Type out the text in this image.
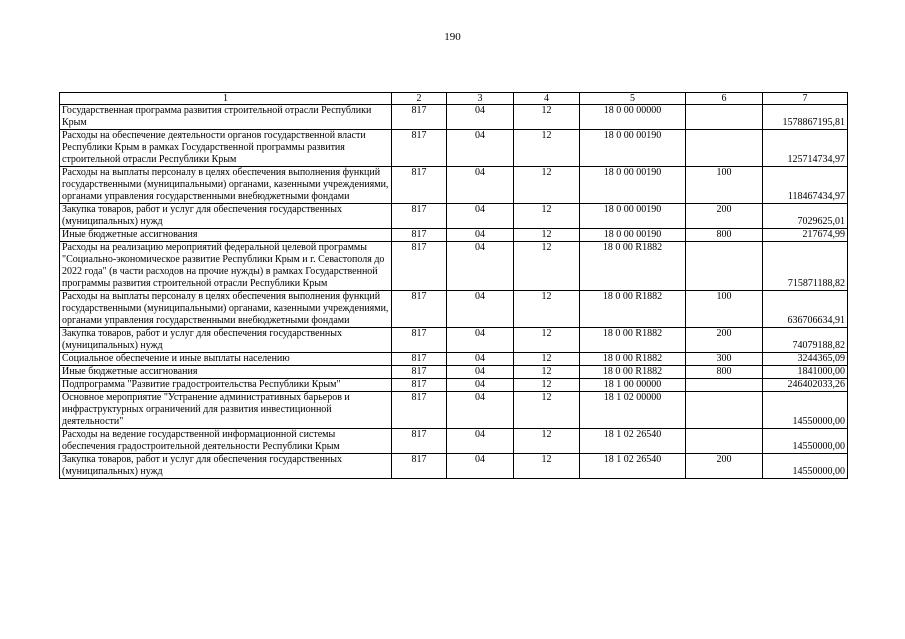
190
1	2	3	4	5	6	7
Государственная программа развития строительной отрасли Республики Крым	817	04	12	18 0 00 00000		1578867195,81
Расходы на обеспечение деятельности органов государственной власти Республики Крым в рамках Государственной программы развития строительной отрасли Республики Крым	817	04	12	18 0 00 00190		125714734,97
Расходы на выплаты персоналу в целях обеспечения выполнения функций государственными (муниципальными) органами, казенными учреждениями, органами управления государственными внебюджетными фондами	817	04	12	18 0 00 00190	100	118467434,97
Закупка товаров, работ и услуг для обеспечения государственных (муниципальных) нужд	817	04	12	18 0 00 00190	200	7029625,01
Иные бюджетные ассигнования	817	04	12	18 0 00 00190	800	217674,99
Расходы на реализацию мероприятий федеральной целевой программы "Социально-экономическое развитие Республики Крым и г. Севастополя до 2022 года" (в части расходов на прочие нужды) в рамках Государственной программы развития строительной отрасли Республики Крым	817	04	12	18 0 00 R1882		715871188,82
Расходы на выплаты персоналу в целях обеспечения выполнения функций государственными (муниципальными) органами, казенными учреждениями, органами управления государственными внебюджетными фондами	817	04	12	18 0 00 R1882	100	636706634,91
Закупка товаров, работ и услуг для обеспечения государственных (муниципальных) нужд	817	04	12	18 0 00 R1882	200	74079188,82
Социальное обеспечение и иные выплаты населению	817	04	12	18 0 00 R1882	300	3244365,09
Иные бюджетные ассигнования	817	04	12	18 0 00 R1882	800	1841000,00
Подпрограмма "Развитие градостроительства Республики Крым"	817	04	12	18 1 00 00000		246402033,26
Основное мероприятие "Устранение административных барьеров и инфраструктурных ограничений для развития инвестиционной деятельности"	817	04	12	18 1 02 00000		14550000,00
Расходы на ведение государственной информационной системы обеспечения градостроительной деятельности Республики Крым	817	04	12	18 1 02 26540		14550000,00
Закупка товаров, работ и услуг для обеспечения государственных (муниципальных) нужд	817	04	12	18 1 02 26540	200	14550000,00
